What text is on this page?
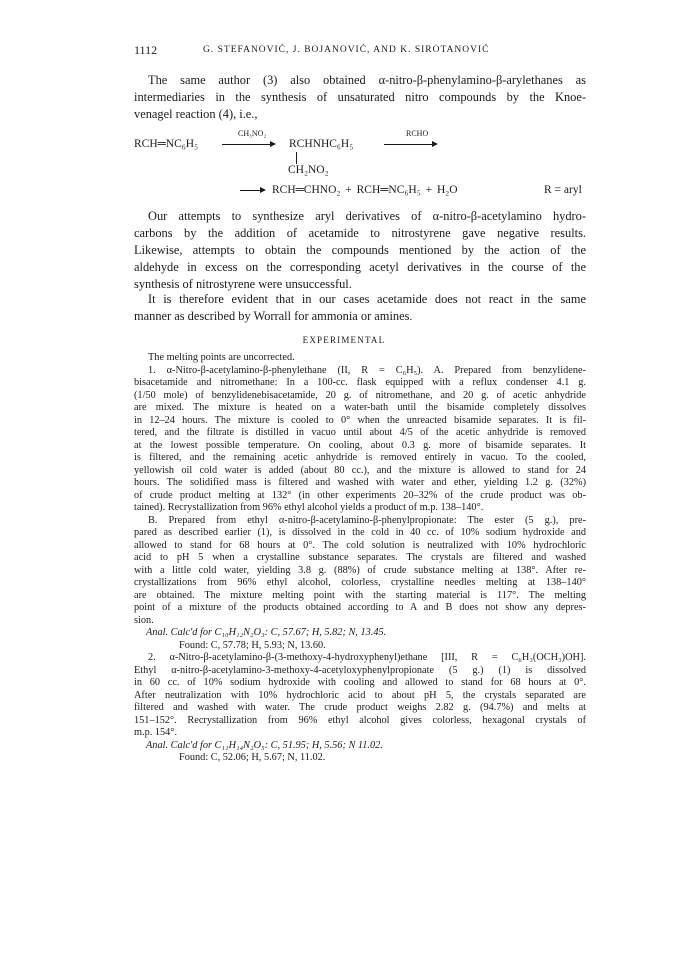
1112	G. STEFANOVIĆ, J. BOJANOVIĆ, AND K. SIROTANOVIĆ
The same author (3) also obtained α-nitro-β-phenylamino-β-arylethanes as
intermediaries in the synthesis of unsaturated nitro compounds by the Knoe-
venagel reaction (4), i.e.,
RCH═NC₆H₅
CH₃NO₂
RCHNHC₆H₅
CH₂NO₂
RCHO
RCH═CHNO₂ + RCH═NC₆H₅ + H₂O	R = aryl
Our attempts to synthesize aryl derivatives of α-nitro-β-acetylamino hydro-
carbons by the addition of acetamide to nitrostyrene gave negative results.
Likewise, attempts to obtain the compounds mentioned by the action of the
aldehyde in excess on the corresponding acetyl derivatives in the course of the
synthesis of nitrostyrene were unsuccessful.
It is therefore evident that in our cases acetamide does not react in the same
manner as described by Worrall for ammonia or amines.
EXPERIMENTAL
The melting points are uncorrected.
1. α-Nitro-β-acetylamino-β-phenylethane (II, R = C₆H₅). A. Prepared from benzylidene-
bisacetamide and nitromethane: In a 100-cc. flask equipped with a reflux condenser 4.1 g.
(1/50 mole) of benzylidenebisacetamide, 20 g. of nitromethane, and 20 g. of acetic anhydride
are mixed. The mixture is heated on a water-bath until the bisamide completely dissolves
in 12–24 hours. The mixture is cooled to 0° when the unreacted bisamide separates. It is fil-
tered, and the filtrate is distilled in vacuo until about 4/5 of the acetic anhydride is removed
at the lowest possible temperature. On cooling, about 0.3 g. more of bisamide separates. It
is filtered, and the remaining acetic anhydride is removed entirely in vacuo. To the cooled,
yellowish oil cold water is added (about 80 cc.), and the mixture is allowed to stand for 24
hours. The solidified mass is filtered and washed with water and ether, yielding 1.2 g. (32%)
of crude product melting at 132° (in other experiments 20–32% of the crude product was ob-
tained). Recrystallization from 96% ethyl alcohol yields a product of m.p. 138–140°.
B. Prepared from ethyl α-nitro-β-acetylamino-β-phenylpropionate: The ester (5 g.), pre-
pared as described earlier (1), is dissolved in the cold in 40 cc. of 10% sodium hydroxide and
allowed to stand for 68 hours at 0°. The cold solution is neutralized with 10% hydrochloric
acid to pH 5 when a crystalline substance separates. The crystals are filtered and washed
with a little cold water, yielding 3.8 g. (88%) of crude substance melting at 138°. After re-
crystallizations from 96% ethyl alcohol, colorless, crystalline needles melting at 138–140°
are obtained. The mixture melting point with the starting material is 117°. The melting
point of a mixture of the products obtained according to A and B does not show any depres-
sion.
Anal. Calc'd for C₁₀H₁₂N₂O₃: C, 57.67; H, 5.82; N, 13.45.
Found: C, 57.78; H, 5.93; N, 13.60.
2. α-Nitro-β-acetylamino-β-(3-methoxy-4-hydroxyphenyl)ethane [III, R = C₆H₃(OCH₃)OH].
Ethyl α-nitro-β-acetylamino-3-methoxy-4-acetyloxyphenylpropionate (5 g.) (1) is dissolved
in 60 cc. of 10% sodium hydroxide with cooling and allowed to stand for 68 hours at 0°.
After neutralization with 10% hydrochloric acid to about pH 5, the crystals separated are
filtered and washed with water. The crude product weighs 2.82 g. (94.7%) and melts at
151–152°. Recrystallization from 96% ethyl alcohol gives colorless, hexagonal crystals of
m.p. 154°.
Anal. Calc'd for C₁₁H₁₄N₂O₅: C, 51.95; H, 5.56; N 11.02.
Found: C, 52.06; H, 5.67; N, 11.02.
